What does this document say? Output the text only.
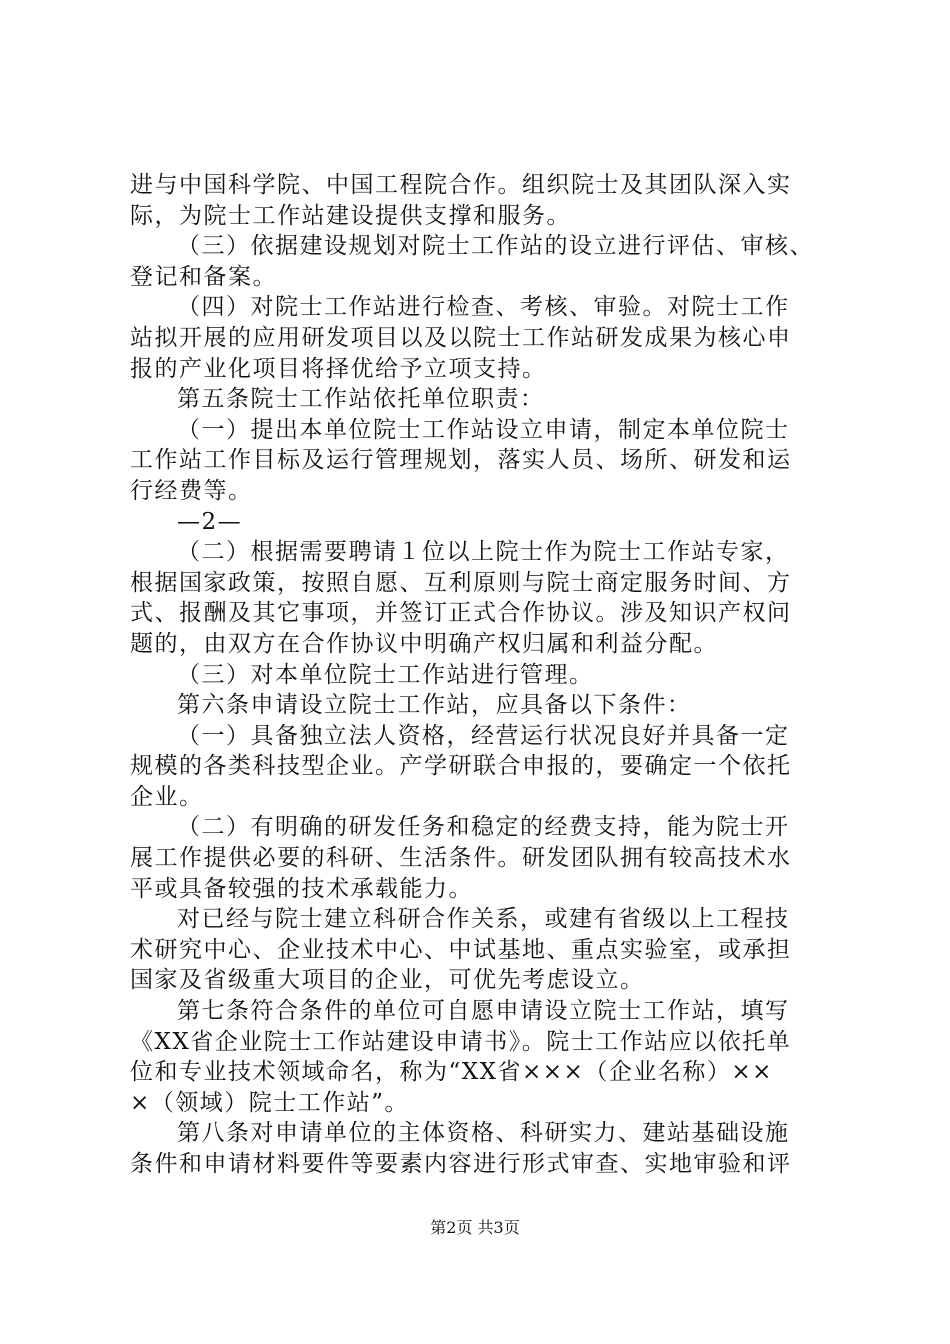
进与中国科学院、中国工程院合作。组织院士及其团队深入实
际，为院士工作站建设提供支撑和服务。
（三）依据建设规划对院士工作站的设立进行评估、审核、
登记和备案。
（四）对院士工作站进行检查、考核、审验。对院士工作
站拟开展的应用研发项目以及以院士工作站研发成果为核心申
报的产业化项目将择优给予立项支持。
第五条院士工作站依托单位职责：
（一）提出本单位院士工作站设立申请，制定本单位院士
工作站工作目标及运行管理规划，落实人员、场所、研发和运
行经费等。
—2—
（二）根据需要聘请１位以上院士作为院士工作站专家，
根据国家政策，按照自愿、互利原则与院士商定服务时间、方
式、报酬及其它事项，并签订正式合作协议。涉及知识产权问
题的，由双方在合作协议中明确产权归属和利益分配。
（三）对本单位院士工作站进行管理。
第六条申请设立院士工作站，应具备以下条件：
（一）具备独立法人资格，经营运行状况良好并具备一定
规模的各类科技型企业。产学研联合申报的，要确定一个依托
企业。
（二）有明确的研发任务和稳定的经费支持，能为院士开
展工作提供必要的科研、生活条件。研发团队拥有较高技术水
平或具备较强的技术承载能力。
对已经与院士建立科研合作关系，或建有省级以上工程技
术研究中心、企业技术中心、中试基地、重点实验室，或承担
国家及省级重大项目的企业，可优先考虑设立。
第七条符合条件的单位可自愿申请设立院士工作站，填写
《XX省企业院士工作站建设申请书》。院士工作站应以依托单
位和专业技术领域命名，称为“XX省×××（企业名称）××
×（领域）院士工作站”。
第八条对申请单位的主体资格、科研实力、建站基础设施
条件和申请材料要件等要素内容进行形式审查、实地审验和评
第2页 共3页
